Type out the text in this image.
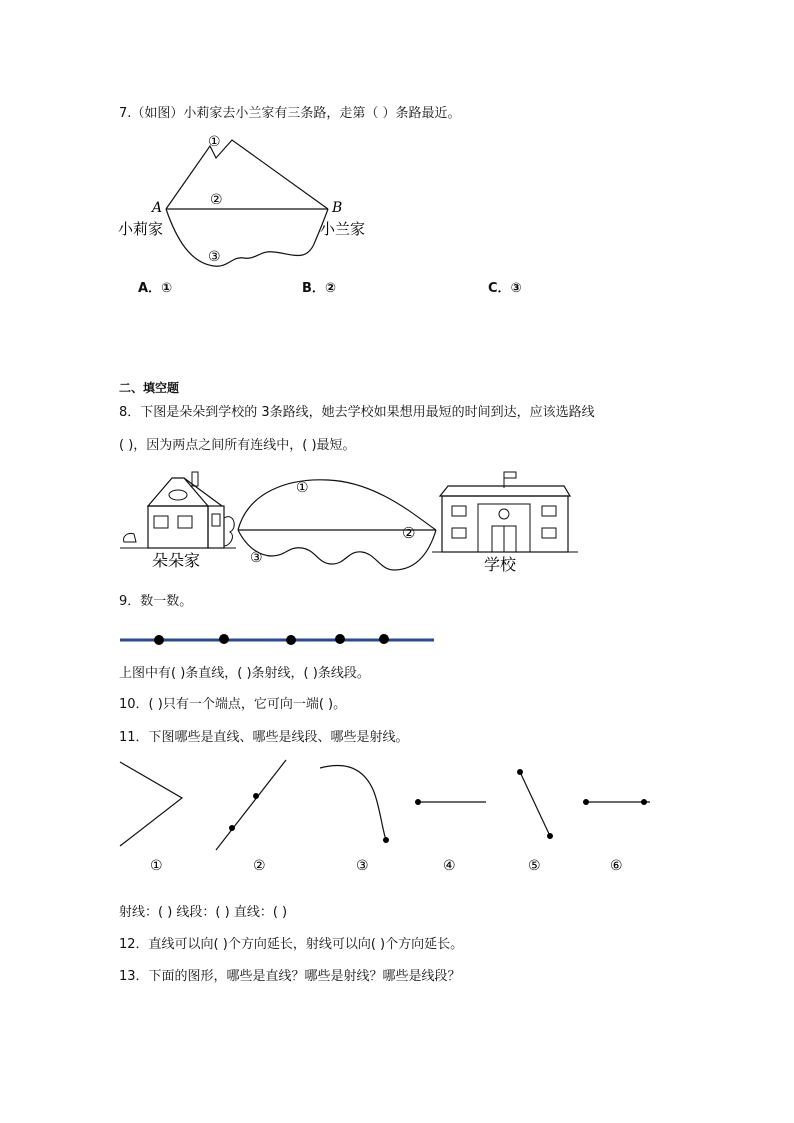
7.（如图）小莉家去小兰家有三条路，走第（ ）条路最近。
①
②
③
A	B
小莉家	小兰家
A．①	B．②	C．③
二、填空题
8．下图是朵朵到学校的 3条路线，她去学校如果想用最短的时间到达，应该选路线
( )，因为两点之间所有连线中，( )最短。
①
②
③
朵朵家	学校
9．数一数。
上图中有( )条直线，( )条射线，( )条线段。
10．( )只有一个端点，它可向一端( )。
11．下图哪些是直线、哪些是线段、哪些是射线。
①	②	③	④	⑤	⑥
射线：( ) 线段：( ) 直线：( )
12．直线可以向( )个方向延长，射线可以向( )个方向延长。
13．下面的图形，哪些是直线？哪些是射线？哪些是线段？
